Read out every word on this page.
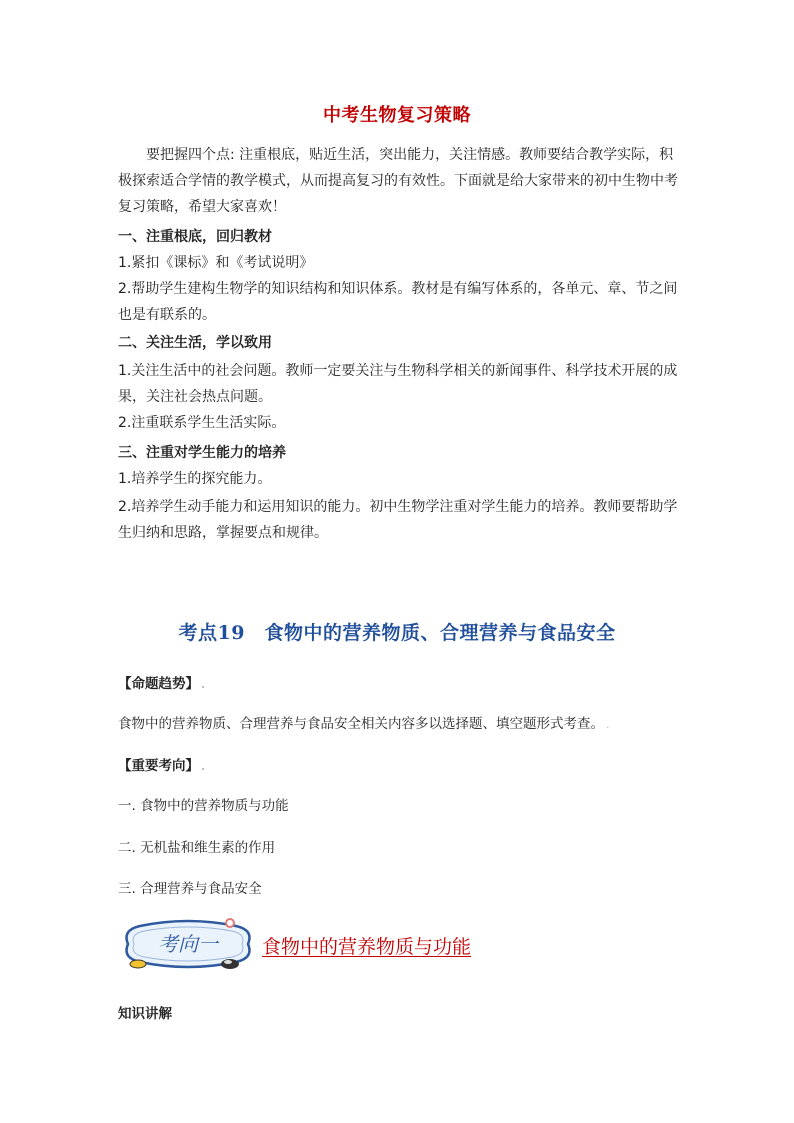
中考生物复习策略
要把握四个点: 注重根底，贴近生活，突出能力，关注情感。教师要结合教学实际，积极探索适合学情的教学模式，从而提高复习的有效性。下面就是给大家带来的初中生物中考复习策略，希望大家喜欢！
一、注重根底，回归教材
1.紧扣《课标》和《考试说明》
2.帮助学生建构生物学的知识结构和知识体系。教材是有编写体系的，各单元、章、节之间也是有联系的。
二、关注生活，学以致用
1.关注生活中的社会问题。教师一定要关注与生物科学相关的新闻事件、科学技术开展的成果，关注社会热点问题。
2.注重联系学生生活实际。
三、注重对学生能力的培养
1.培养学生的探究能力。
2.培养学生动手能力和运用知识的能力。初中生物学注重对学生能力的培养。教师要帮助学生归纳和思路，掌握要点和规律。
考点19　食物中的营养物质、合理营养与食品安全
【命题趋势】 .
食物中的营养物质、合理营养与食品安全相关内容多以选择题、填空题形式考查。 .
【重要考向】 .
一. 食物中的营养物质与功能
二. 无机盐和维生素的作用
三. 合理营养与食品安全
考向一 食物中的营养物质与功能
知识讲解
